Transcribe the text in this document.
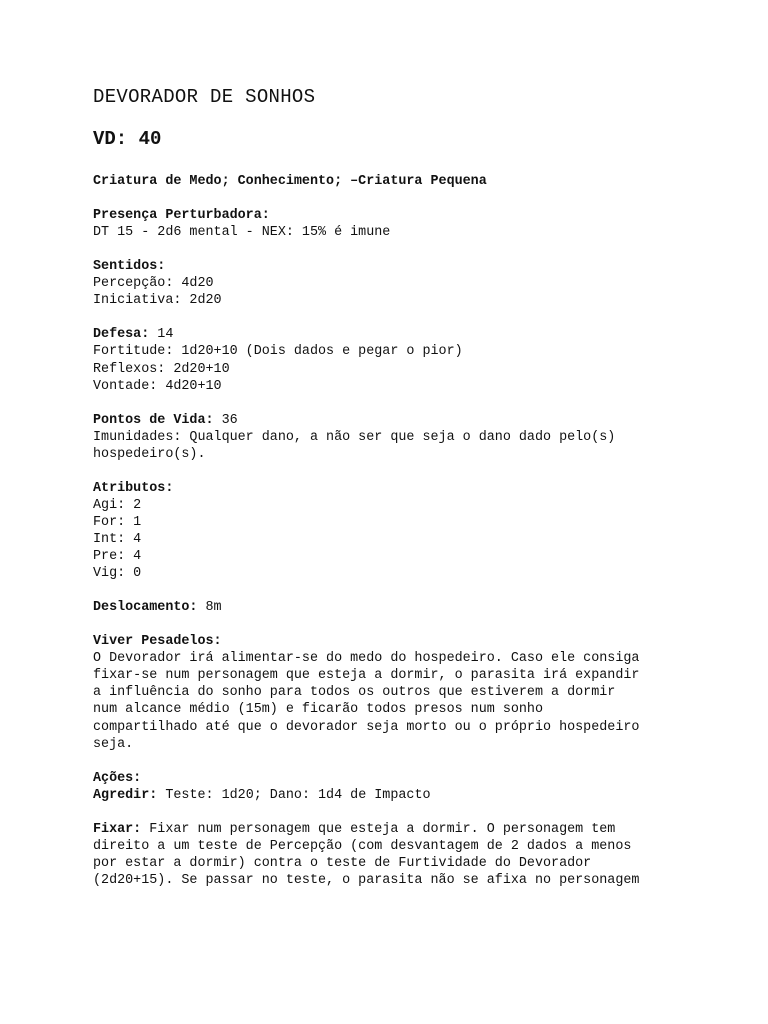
DEVORADOR DE SONHOS
VD: 40
Criatura de Medo; Conhecimento; –Criatura Pequena
Presença Perturbadora:
DT 15 - 2d6 mental - NEX: 15% é imune
Sentidos:
Percepção: 4d20
Iniciativa: 2d20
Defesa: 14
Fortitude: 1d20+10 (Dois dados e pegar o pior)
Reflexos: 2d20+10
Vontade: 4d20+10
Pontos de Vida: 36
Imunidades: Qualquer dano, a não ser que seja o dano dado pelo(s)
hospedeiro(s).
Atributos:
Agi: 2
For: 1
Int: 4
Pre: 4
Vig: 0
Deslocamento: 8m
Viver Pesadelos:
O Devorador irá alimentar-se do medo do hospedeiro. Caso ele consiga
fixar-se num personagem que esteja a dormir, o parasita irá expandir
a influência do sonho para todos os outros que estiverem a dormir
num alcance médio (15m) e ficarão todos presos num sonho
compartilhado até que o devorador seja morto ou o próprio hospedeiro
seja.
Ações:
Agredir: Teste: 1d20; Dano: 1d4 de Impacto
Fixar: Fixar num personagem que esteja a dormir. O personagem tem
direito a um teste de Percepção (com desvantagem de 2 dados a menos
por estar a dormir) contra o teste de Furtividade do Devorador
(2d20+15). Se passar no teste, o parasita não se afixa no personagem
